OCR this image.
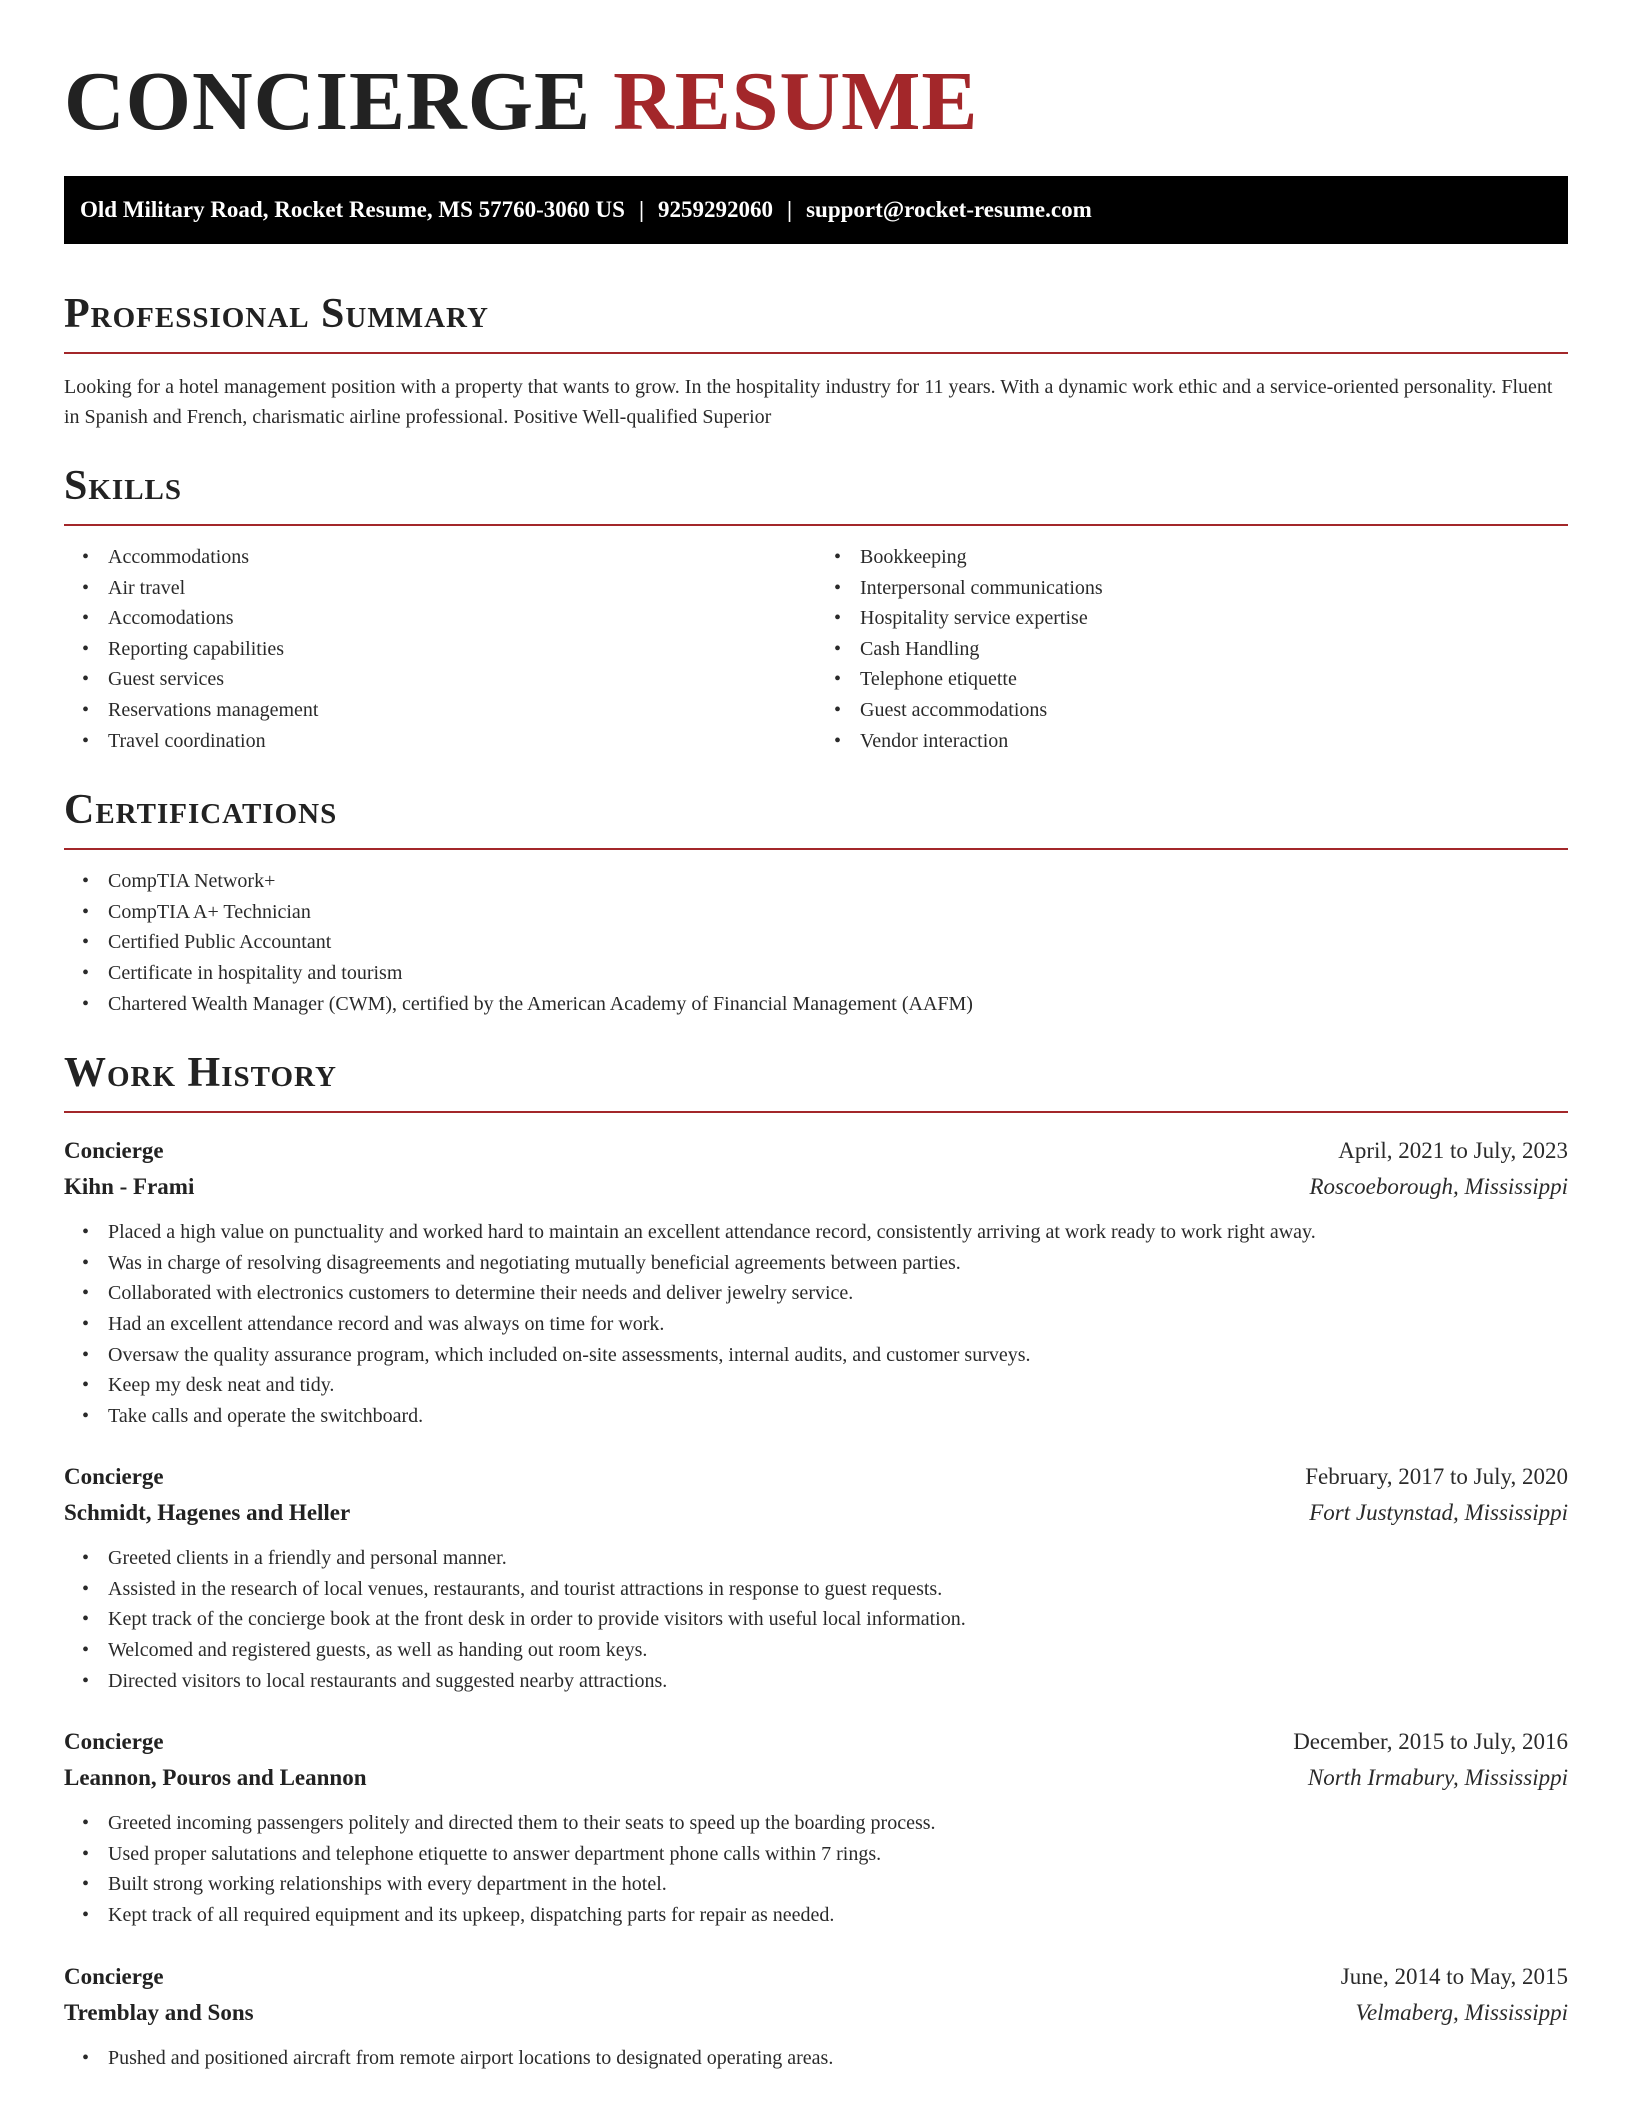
CONCIERGE RESUME
Old Military Road, Rocket Resume, MS 57760-3060 US | 9259292060 | support@rocket-resume.com
Professional Summary

Looking for a hotel management position with a property that wants to grow. In the hospitality industry for 11 years. With a dynamic work ethic and a service-oriented personality. Fluent in Spanish and French, charismatic airline professional. Positive Well-qualified Superior

Skills
• Accommodations
• Air travel
• Accomodations
• Reporting capabilities
• Guest services
• Reservations management
• Travel coordination
• Bookkeeping
• Interpersonal communications
• Hospitality service expertise
• Cash Handling
• Telephone etiquette
• Guest accommodations
• Vendor interaction
Certifications
• CompTIA Network+
• CompTIA A+ Technician
• Certified Public Accountant
• Certificate in hospitality and tourism
• Chartered Wealth Manager (CWM), certified by the American Academy of Financial Management (AAFM)
Work History
Concierge	April, 2021 to July, 2023
Kihn - Frami	Roscoeborough, Mississippi
• Placed a high value on punctuality and worked hard to maintain an excellent attendance record, consistently arriving at work ready to work right away.
• Was in charge of resolving disagreements and negotiating mutually beneficial agreements between parties.
• Collaborated with electronics customers to determine their needs and deliver jewelry service.
• Had an excellent attendance record and was always on time for work.
• Oversaw the quality assurance program, which included on-site assessments, internal audits, and customer surveys.
• Keep my desk neat and tidy.
• Take calls and operate the switchboard.
Concierge	February, 2017 to July, 2020
Schmidt, Hagenes and Heller	Fort Justynstad, Mississippi
• Greeted clients in a friendly and personal manner.
• Assisted in the research of local venues, restaurants, and tourist attractions in response to guest requests.
• Kept track of the concierge book at the front desk in order to provide visitors with useful local information.
• Welcomed and registered guests, as well as handing out room keys.
• Directed visitors to local restaurants and suggested nearby attractions.
Concierge	December, 2015 to July, 2016
Leannon, Pouros and Leannon	North Irmabury, Mississippi
• Greeted incoming passengers politely and directed them to their seats to speed up the boarding process.
• Used proper salutations and telephone etiquette to answer department phone calls within 7 rings.
• Built strong working relationships with every department in the hotel.
• Kept track of all required equipment and its upkeep, dispatching parts for repair as needed.
Concierge	June, 2014 to May, 2015
Tremblay and Sons	Velmaberg, Mississippi
• Pushed and positioned aircraft from remote airport locations to designated operating areas.
